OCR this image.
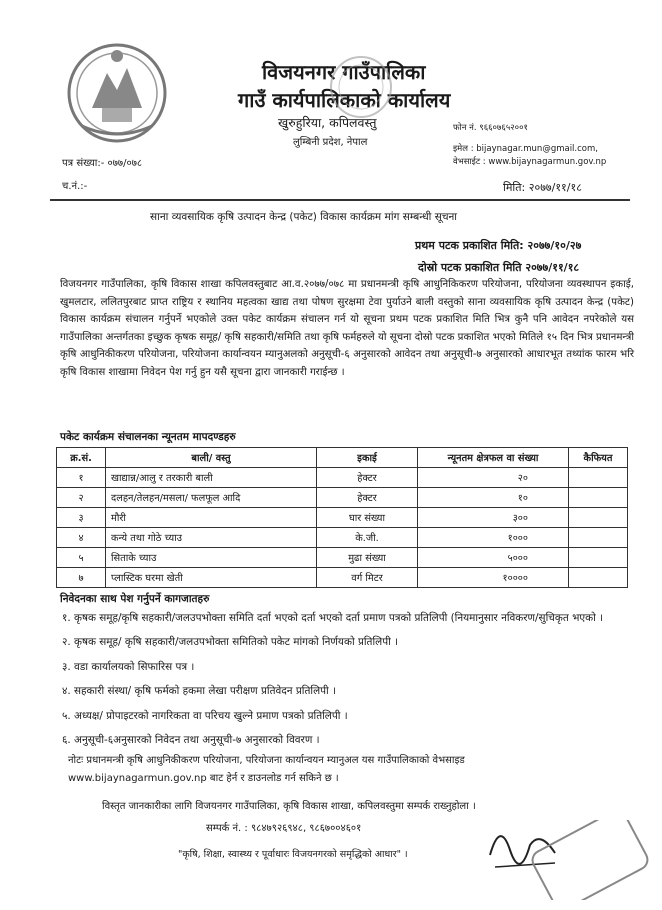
विजयनगर गाउँपालिका
गाउँ कार्यपालिकाको कार्यालय
खुरुहुरिया, कपिलवस्तु
लुम्बिनी प्रदेश, नेपाल
फोन नं. ९६६०७६५२००१
इमेल : bijaynagar.mun@gmail.com,
वेभसाईट : www.bijaynagarmun.gov.np
पत्र संख्या:- ०७७/०७८
च.नं.:-	मिति: २०७७/११/१८
साना व्यवसायिक कृषि उत्पादन केन्द्र (पकेट) विकास कार्यक्रम मांग सम्बन्धी सूचना
प्रथम पटक प्रकाशित मिति: २०७७/१०/२७
दोस्रो पटक प्रकाशित मिति २०७७/११/१८
विजयनगर गाउँपालिका, कृषि विकास शाखा कपिलवस्तुबाट आ.व.२०७७/०७८ मा प्रधानमन्त्री कृषि आधुनिकिकरण परियोजना, परियोजना व्यवस्थापन इकाई, खुमलटार, ललितपुरबाट प्राप्त राष्ट्रिय र स्थानिय महत्वका खाद्य तथा पोषण सुरक्षमा टेवा पुर्याउने बाली वस्तुको साना व्यवसायिक कृषि उत्पादन केन्द्र (पकेट) विकास कार्यक्रम संचालन गर्नुपर्ने भएकोले उक्त पकेट कार्यक्रम संचालन गर्न यो सूचना प्रथम पटक प्रकाशित मिति भित्र कुनै पनि आवेदन नपरेकोले यस गाउँपालिका अन्तर्गतका इच्छुक कृषक समूह/ कृषि सहकारी/समिति तथा कृषि फर्महरुले यो सूचना दोस्रो पटक प्रकाशित भएको मितिले १५ दिन भित्र प्रधानमन्त्री कृषि आधुनिकीकरण परियोजना, परियोजना कार्यान्वयन म्यानुअलको अनुसूची-६ अनुसारको आवेदन तथा अनुसूची-७ अनुसारको आधारभूत तथ्यांक फारम भरि कृषि विकास शाखामा निवेदन पेश गर्नु हुन यसै सूचना द्वारा जानकारी गराईन्छ ।
पकेट कार्यक्रम संचालनका न्यूनतम मापदण्डहरु
क्र.सं.	बाली/ वस्तु	इकाई	न्यूनतम क्षेत्रफल वा संख्या	कैफियत
१	खाद्यान्न/आलु र तरकारी बाली	हेक्टर	२०	
२	दलहन/तेलहन/मसला/ फलफूल आदि	हेक्टर	१०	
३	मौरी	घार संख्या	३००	
४	कन्ये तथा गोठे च्याउ	के.जी.	१०००	
५	सिताके च्याउ	मुढा संख्या	५०००	
७	प्लास्टिक घरमा खेती	वर्ग मिटर	१००००	
निवेदनका साथ पेश गर्नुपर्ने कागजातहरु
१. कृषक समूह/कृषि सहकारी/जलउपभोक्ता समिति दर्ता भएको दर्ता भएको दर्ता प्रमाण पत्रको प्रतिलिपी (नियमानुसार नविकरण/सुचिकृत भएको ।
२. कृषक समूह/ कृषि सहकारी/जलउपभोक्ता समितिको पकेट मांगको निर्णयको प्रतिलिपी ।
३. वडा कार्यालयको सिफारिस पत्र ।
४. सहकारी संस्था/ कृषि फर्मको हकमा लेखा परीक्षण प्रतिवेदन प्रतिलिपी ।
५. अध्यक्ष/ प्रोपाइटरको नागरिकता वा परिचय खुल्ने प्रमाण पत्रको प्रतिलिपी ।
६. अनुसूची-६अनुसारको निवेदन तथा अनुसूची-७ अनुसारको विवरण ।
नोटः प्रधानमन्त्री कृषि आधुनिकीकरण परियोजना, परियोजना कार्यान्वयन म्यानुअल यस गाउँपालिकाको वेभसाइड
www.bijaynagarmun.gov.np बाट हेर्न र डाउनलोड गर्न सकिने छ ।
विस्तृत जानकारीका लागि विजयनगर गाउँपालिका, कृषि विकास शाखा, कपिलवस्तुमा सम्पर्क राख्नुहोला ।
सम्पर्क नं. : ९८४७९२६९४८, ९८६७००४६०१
"कृषि, शिक्षा, स्वास्थ्य र पूर्वाधारः विजयनगरको समृद्धिको आधार" ।
